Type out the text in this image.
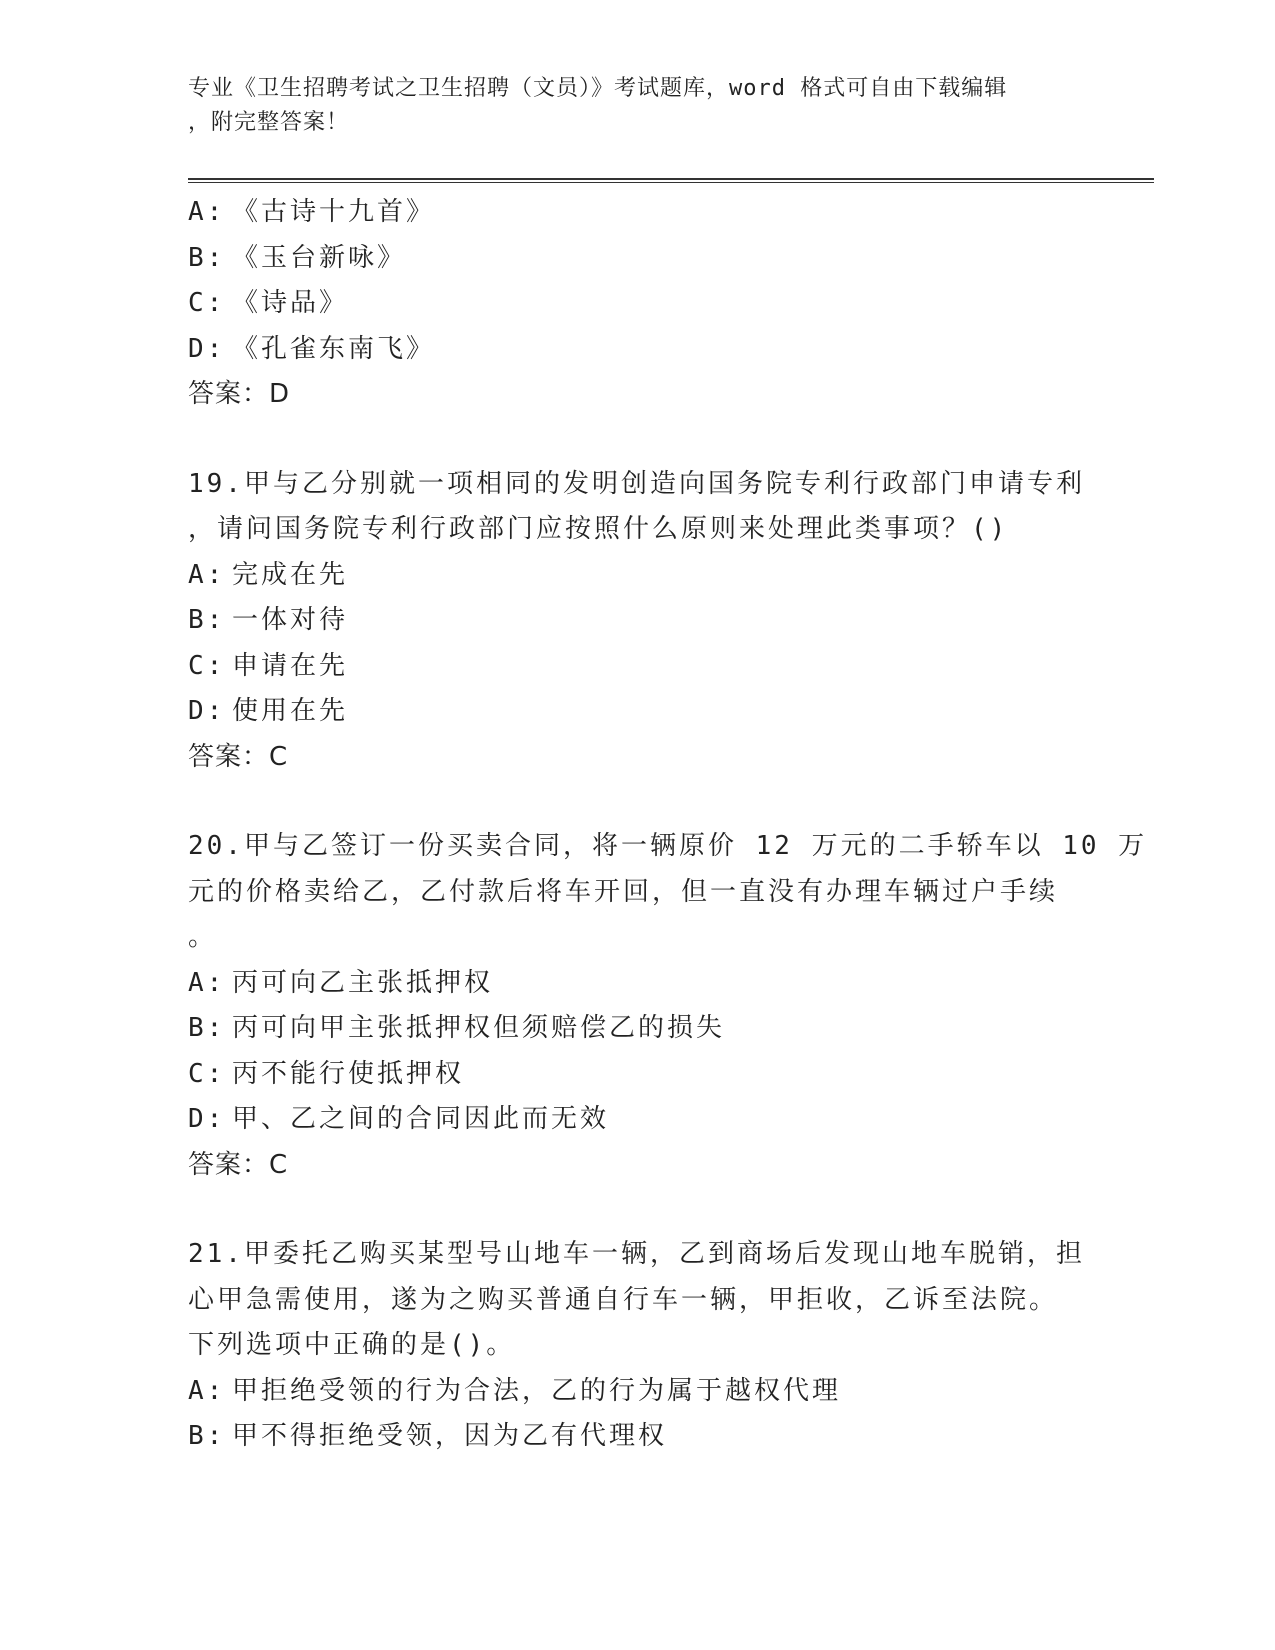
专业《卫生招聘考试之卫生招聘（文员）》考试题库，word 格式可自由下载编辑
，附完整答案！
A: 《古诗十九首》
B: 《玉台新咏》
C: 《诗品》
D: 《孔雀东南飞》
答案：D
19.甲与乙分别就一项相同的发明创造向国务院专利行政部门申请专利
，请问国务院专利行政部门应按照什么原则来处理此类事项？()
A: 完成在先
B: 一体对待
C: 申请在先
D: 使用在先
答案：C
20.甲与乙签订一份买卖合同，将一辆原价 12 万元的二手轿车以 10 万
元的价格卖给乙，乙付款后将车开回，但一直没有办理车辆过户手续
。
A: 丙可向乙主张抵押权
B: 丙可向甲主张抵押权但须赔偿乙的损失
C: 丙不能行使抵押权
D: 甲、乙之间的合同因此而无效
答案：C
21.甲委托乙购买某型号山地车一辆，乙到商场后发现山地车脱销，担
心甲急需使用，遂为之购买普通自行车一辆，甲拒收，乙诉至法院。
下列选项中正确的是()。
A: 甲拒绝受领的行为合法，乙的行为属于越权代理
B: 甲不得拒绝受领，因为乙有代理权
